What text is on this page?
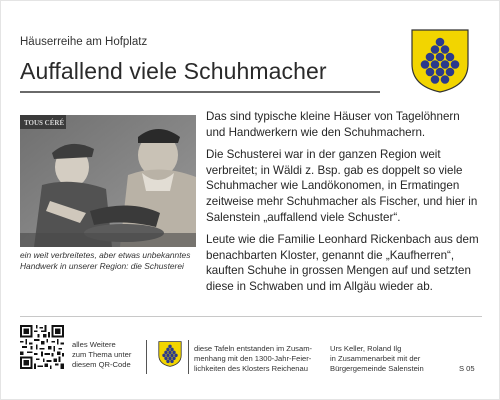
Häuserreihe am Hofplatz
Auffallend viele Schuhmacher
TOUS CÉRÉ
ein weit verbreitetes, aber etwas unbekanntes Handwerk in unserer Region: die Schusterei

Das sind typische kleine Häuser von Tagelöhnern und Handwerkern wie den Schuhmachern.

Die Schusterei war in der ganzen Region weit verbreitet; in Wäldi z. Bsp. gab es doppelt so viele Schuhmacher wie Landökonomen, in Ermatingen zeitweise mehr Schuhmacher als Fischer, und hier in Salenstein „auffallend viele Schuster“.

Leute wie die Familie Leonhard Rickenbach aus dem benachbarten Kloster, genannt die „Kaufherren“, kauften Schuhe in grossen Mengen auf und setzten diese in Schwaben und im Allgäu wieder ab.

alles Weitere
zum Thema unter
diesem QR-Code
diese Tafeln entstanden im Zusam-
menhang mit den 1300-Jahr-Feier-
lichkeiten des Klosters Reichenau
Urs Keller, Roland Ilg
in Zusammenarbeit mit der
Bürgergemeinde Salenstein	S 05
